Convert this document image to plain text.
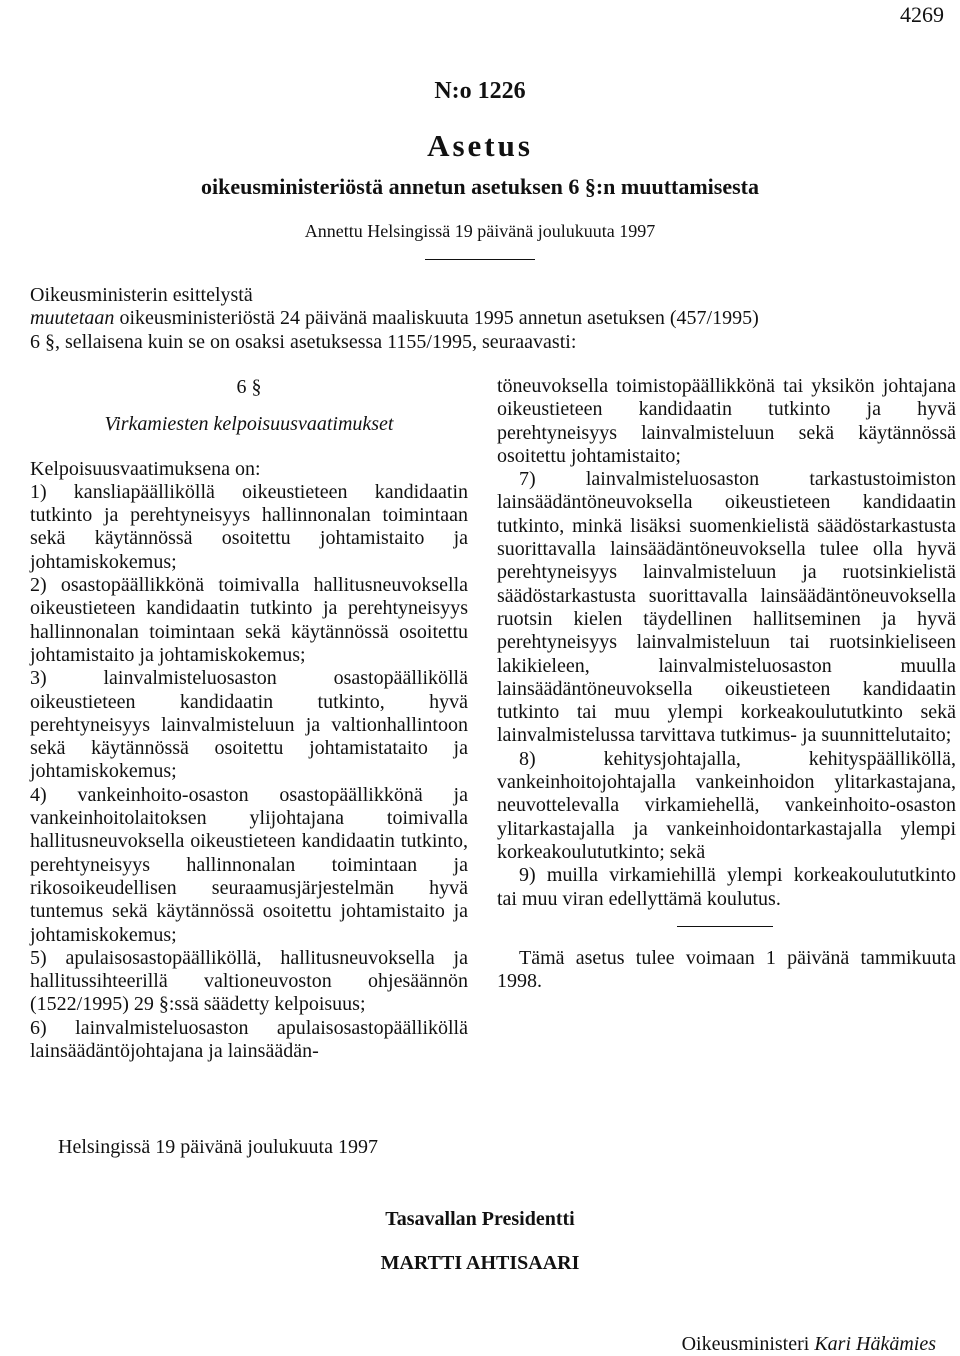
4269
N:o 1226
Asetus
oikeusministeriöstä annetun asetuksen 6 §:n muuttamisesta
Annettu Helsingissä 19 päivänä joulukuuta 1997

Oikeusministerin esittelystä

muutetaan oikeusministeriöstä 24 päivänä maaliskuuta 1995 annetun asetuksen (457/1995)

6 §, sellaisena kuin se on osaksi asetuksessa 1155/1995, seuraavasti:

6 §

Virkamiesten kelpoisuusvaatimukset

Kelpoisuusvaatimuksena on:

1) kansliapäälliköllä oikeustieteen kandidaatin tutkinto ja perehtyneisyys hallinnonalan toimintaan sekä käytännössä osoitettu johtamistaito ja johtamiskokemus;

2) osastopäällikkönä toimivalla hallitusneuvoksella oikeustieteen kandidaatin tutkinto ja perehtyneisyys hallinnonalan toimintaan sekä käytännössä osoitettu johtamistaito ja johtamiskokemus;

3) lainvalmisteluosaston osastopäälliköllä oikeustieteen kandidaatin tutkinto, hyvä perehtyneisyys lainvalmisteluun ja valtionhallintoon sekä käytännössä osoitettu johtamistataito ja johtamiskokemus;

4) vankeinhoito-osaston osastopäällikkönä ja vankeinhoitolaitoksen ylijohtajana toimivalla hallitusneuvoksella oikeustieteen kandidaatin tutkinto, perehtyneisyys hallinnonalan toimintaan ja rikosoikeudellisen seuraamusjärjestelmän hyvä tuntemus sekä käytännössä osoitettu johtamistaito ja johtamiskokemus;

5) apulaisosastopäälliköllä, hallitusneuvoksella ja hallitussihteerillä valtioneuvoston ohjesäännön (1522/1995) 29 §:ssä säädetty kelpoisuus;

6) lainvalmisteluosaston apulaisosastopäälliköllä lainsäädäntöjohtajana ja lainsäädän-

töneuvoksella toimistopäällikkönä tai yksikön johtajana oikeustieteen kandidaatin tutkinto ja hyvä perehtyneisyys lainvalmisteluun sekä käytännössä osoitettu johtamistaito;

7) lainvalmisteluosaston tarkastustoimiston lainsäädäntöneuvoksella oikeustieteen kandidaatin tutkinto, minkä lisäksi suomenkielistä säädöstarkastusta suorittavalla lainsäädäntöneuvoksella tulee olla hyvä perehtyneisyys lainvalmisteluun ja ruotsinkielistä säädöstarkastusta suorittavalla lainsäädäntöneuvoksella ruotsin kielen täydellinen hallitseminen ja hyvä perehtyneisyys lainvalmisteluun tai ruotsinkieliseen lakikieleen, lainvalmisteluosaston muulla lainsäädäntöneuvoksella oikeustieteen kandidaatin tutkinto tai muu ylempi korkeakoulututkinto sekä lainvalmistelussa tarvittava tutkimus- ja suunnittelutaito;

8) kehitysjohtajalla, kehityspäälliköllä, vankeinhoitojohtajalla vankeinhoidon ylitarkastajana, neuvottelevalla virkamiehellä, vankeinhoito-osaston ylitarkastajalla ja vankeinhoidontarkastajalla ylempi korkeakoulututkinto; sekä

9) muilla virkamiehillä ylempi korkeakoulututkinto tai muu viran edellyttämä koulutus.

Tämä asetus tulee voimaan 1 päivänä tammikuuta 1998.

Helsingissä 19 päivänä joulukuuta 1997
Tasavallan Presidentti
MARTTI AHTISAARI
Oikeusministeri Kari Häkämies
